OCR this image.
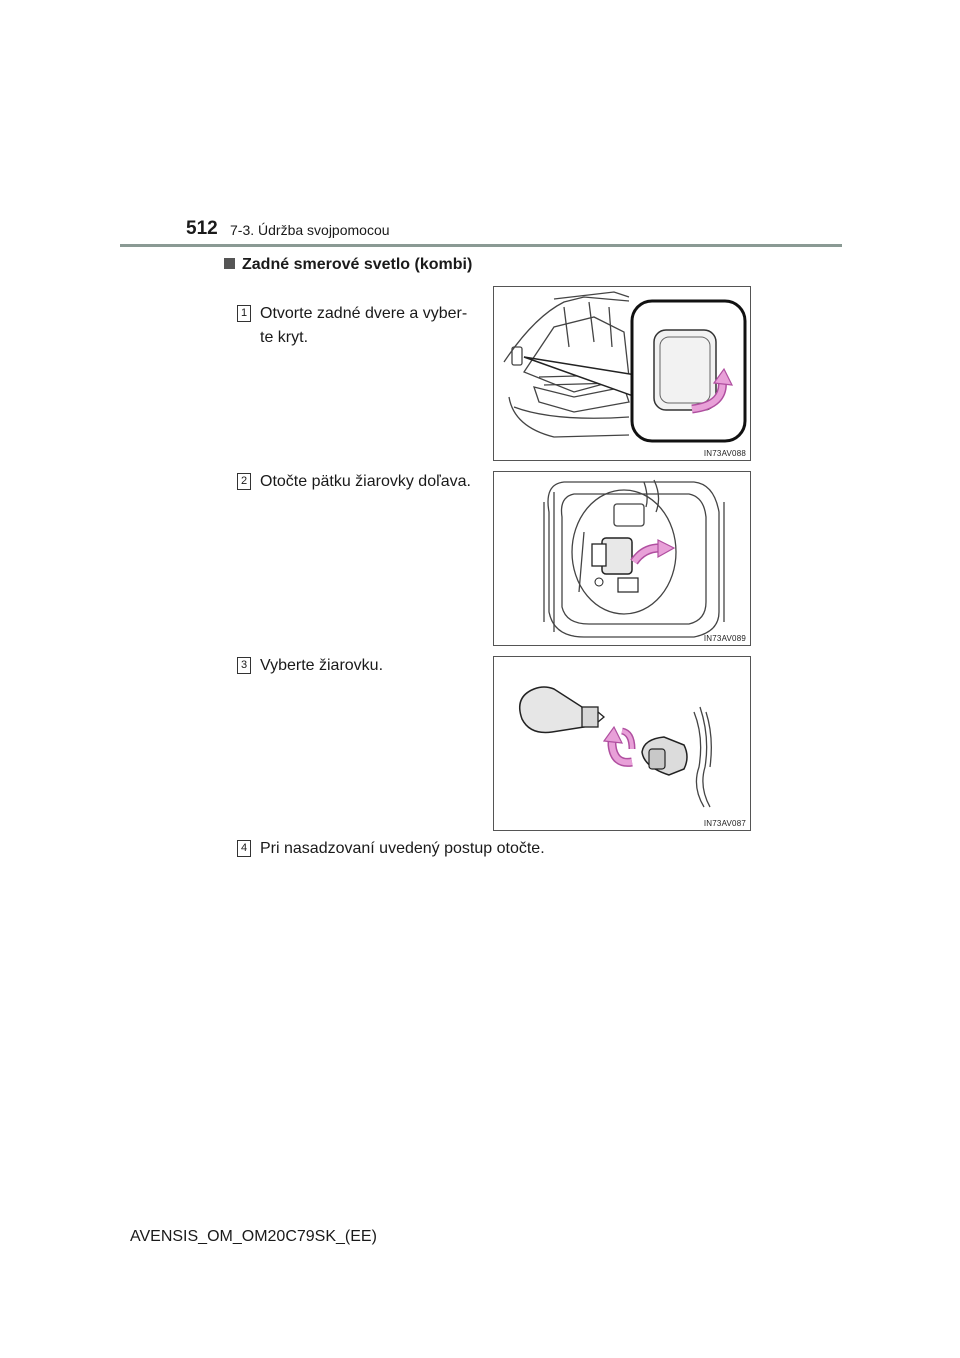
512 7-3. Údržba svojpomocou
Zadné smerové svetlo (kombi)
1 Otvorte zadné dvere a vyber-
te kryt.
IN73AV088
2 Otočte pätku žiarovky doľava.
IN73AV089
3 Vyberte žiarovku.
IN73AV087
4 Pri nasadzovaní uvedený postup otočte.
AVENSIS_OM_OM20C79SK_(EE)
